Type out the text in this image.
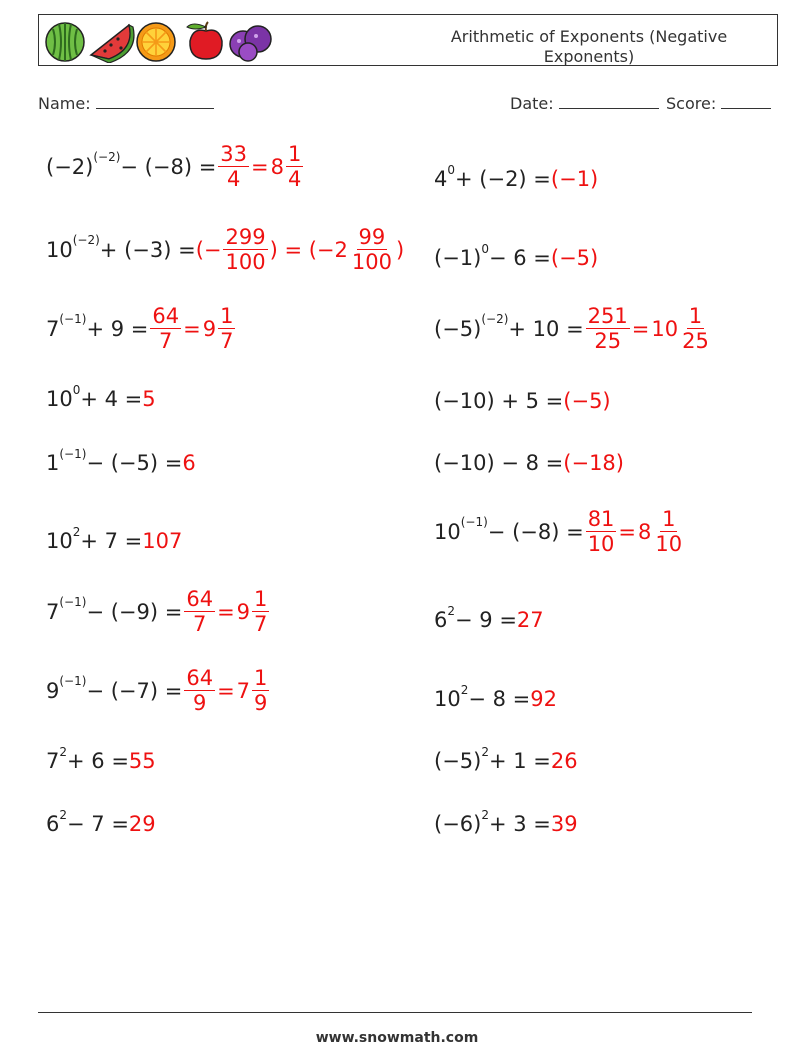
Arithmetic of Exponents (Negative Exponents)
Name:	Date:	Score:
$(-2)^{(-2)} - (-8) = \frac{33}{4} = 8 \frac{1}{4}$
$10^{(-2)} + (-3)$ = (− $\frac{299}{100}$ ) = ($-2 \frac{99}{100}$ )
$7^{(-1)} + 9 = \frac{64}{7} = 9 \frac{1}{7}$
$10^0 + 4 = 5$
$1^{(-1)} - (-5) = 6$
$10^2 + 7 = 107$
$7^{(-1)} - (-9) = \frac{64}{7} = 9 \frac{1}{7}$
$9^{(-1)} - (-7) = \frac{64}{9} = 7 \frac{1}{9}$
$7^2 + 6 = 55$
$6^2 - 7 = 29$
$4^0 + (-2) = (-1)$
$(-1)^0 - 6 = (-5)$
$(-5)^{(-2)} + 10 = \frac{251}{25} = 10 \frac{1}{25}$
(−10) + 5 = (−5)
(−10) − 8 = (−18)
$10^{(-1)} - (-8) = \frac{81}{10} = 8 \frac{1}{10}$
$6^2 - 9 = 27$
$10^2 - 8 = 92$
$(-5)^2 + 1 = 26$
$(-6)^2 + 3 = 39$
www.snowmath.com
